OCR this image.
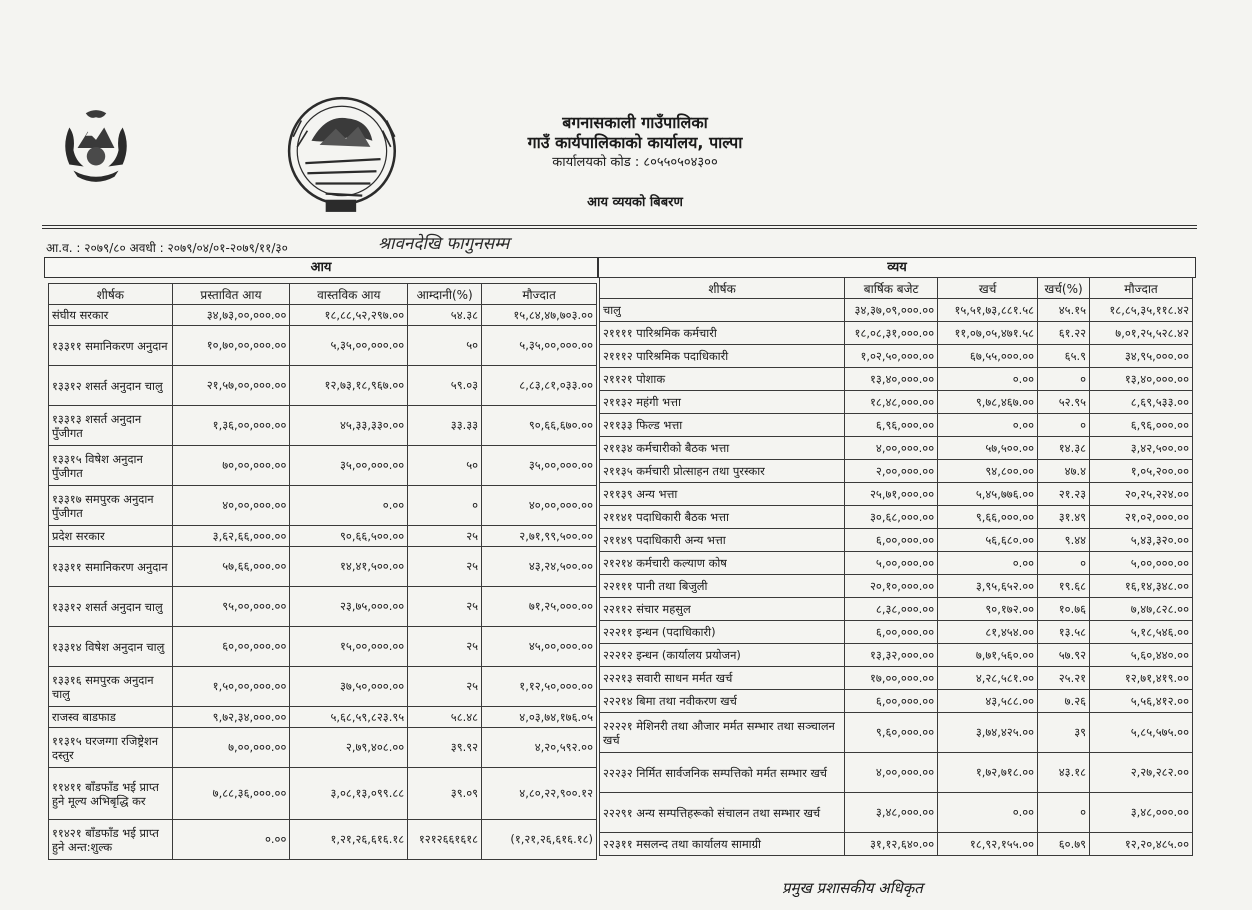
बगनासकाली गाउँपालिका
गाउँ कार्यपालिकाको कार्यालय, पाल्पा
कार्यालयको कोड : ८०५५०५०४३००
आय व्ययको बिबरण
आ.व. : २०७९/८० अवधी : २०७९/०४/०१-२०७९/११/३०	श्रावनदेखि फागुनसम्म
आय	व्यय
शीर्षक	प्रस्तावित आय	वास्तविक आय	आम्दानी(%)	मौज्दात
संघीय सरकार	३४,७३,००,०००.००	१८,८८,५२,२९७.००	५४.३८	१५,८४,४७,७०३.००
१३३११ समानिकरण अनुदान	१०,७०,००,०००.००	५,३५,००,०००.००	५०	५,३५,००,०००.००
१३३१२ शसर्त अनुदान चालु	२१,५७,००,०००.००	१२,७३,१८,९६७.००	५९.०३	८,८३,८१,०३३.००
१३३१३ शसर्त अनुदान पुँजीगत	१,३६,००,०००.००	४५,३३,३३०.००	३३.३३	९०,६६,६७०.००
१३३१५ विषेश अनुदान पुँजीगत	७०,००,०००.००	३५,००,०००.००	५०	३५,००,०००.००
१३३१७ समपुरक अनुदान पुँजीगत	४०,००,०००.००	०.००	०	४०,००,०००.००
प्रदेश सरकार	३,६२,६६,०००.००	९०,६६,५००.००	२५	२,७१,९९,५००.००
१३३११ समानिकरण अनुदान	५७,६६,०००.००	१४,४१,५००.००	२५	४३,२४,५००.००
१३३१२ शसर्त अनुदान चालु	९५,००,०००.००	२३,७५,०००.००	२५	७१,२५,०००.००
१३३१४ विषेश अनुदान चालु	६०,००,०००.००	१५,००,०००.००	२५	४५,००,०००.००
१३३१६ समपुरक अनुदान चालु	१,५०,००,०००.००	३७,५०,०००.००	२५	१,१२,५०,०००.००
राजस्व बाडफाड	९,७२,३४,०००.००	५,६८,५९,८२३.९५	५८.४८	४,०३,७४,१७६.०५
११३१५ घरजग्गा रजिष्ट्रेशन दस्तुर	७,००,०००.००	२,७९,४०८.००	३९.९२	४,२०,५९२.००
११४११ बाँडफाँड भई प्राप्त हुने मूल्य अभिबृद्धि कर	७,८८,३६,०००.००	३,०८,१३,०९९.८८	३९.०९	४,८०,२२,९००.१२
११४२१ बाँडफाँड भई प्राप्त हुने अन्त:शुल्क	०.००	१,२१,२६,६१६.१८	१२१२६६१६१८	(१,२१,२६,६१६.१८)
शीर्षक	बार्षिक बजेट	खर्च	खर्च(%)	मौज्दात
चालु	३४,३७,०९,०००.००	१५,५१,७३,८८१.५८	४५.१५	१८,८५,३५,११८.४२
२११११ पारिश्रमिक कर्मचारी	१८,०८,३१,०००.००	११,०७,०५,४७१.५८	६१.२२	७,०१,२५,५२८.४२
२१११२ पारिश्रमिक पदाधिकारी	१,०२,५०,०००.००	६७,५५,०००.००	६५.९	३४,९५,०००.००
२११२१ पोशाक	१३,४०,०००.००	०.००	०	१३,४०,०००.००
२११३२ महंगी भत्ता	१८,४८,०००.००	९,७८,४६७.००	५२.९५	८,६९,५३३.००
२११३३ फिल्ड भत्ता	६,९६,०००.००	०.००	०	६,९६,०००.००
२११३४ कर्मचारीको बैठक भत्ता	४,००,०००.००	५७,५००.००	१४.३८	३,४२,५००.००
२११३५ कर्मचारी प्रोत्साहन तथा पुरस्कार	२,००,०००.००	९४,८००.००	४७.४	१,०५,२००.००
२११३९ अन्य भत्ता	२५,७१,०००.००	५,४५,७७६.००	२१.२३	२०,२५,२२४.००
२११४१ पदाधिकारी बैठक भत्ता	३०,६८,०००.००	९,६६,०००.००	३१.४९	२१,०२,०००.००
२११४९ पदाधिकारी अन्य भत्ता	६,००,०००.००	५६,६८०.००	९.४४	५,४३,३२०.००
२१२१४ कर्मचारी कल्याण कोष	५,००,०००.००	०.००	०	५,००,०००.००
२२१११ पानी तथा बिजुली	२०,१०,०००.००	३,९५,६५२.००	१९.६८	१६,१४,३४८.००
२२११२ संचार महसुल	८,३८,०००.००	९०,१७२.००	१०.७६	७,४७,८२८.००
२२२११ इन्धन (पदाधिकारी)	६,००,०००.००	८१,४५४.००	१३.५८	५,१८,५४६.००
२२२१२ इन्धन (कार्यालय प्रयोजन)	१३,३२,०००.००	७,७१,५६०.००	५७.९२	५,६०,४४०.००
२२२१३ सवारी साधन मर्मत खर्च	१७,००,०००.००	४,२८,५८१.००	२५.२१	१२,७१,४१९.००
२२२१४ बिमा तथा नवीकरण खर्च	६,००,०००.००	४३,५८८.००	७.२६	५,५६,४१२.००
२२२२१ मेशिनरी तथा औजार मर्मत सम्भार तथा सञ्चालन खर्च	९,६०,०००.००	३,७४,४२५.००	३९	५,८५,५७५.००
२२२३२ निर्मित सार्वजनिक सम्पत्तिको मर्मत सम्भार खर्च	४,००,०००.००	१,७२,७१८.००	४३.१८	२,२७,२८२.००
२२२९१ अन्य सम्पत्तिहरूको संचालन तथा सम्भार खर्च	३,४८,०००.००	०.००	०	३,४८,०००.००
२२३११ मसलन्द तथा कार्यालय सामाग्री	३१,१२,६४०.००	१८,९२,१५५.००	६०.७९	१२,२०,४८५.००
प्रमुख प्रशासकीय अधिकृत
